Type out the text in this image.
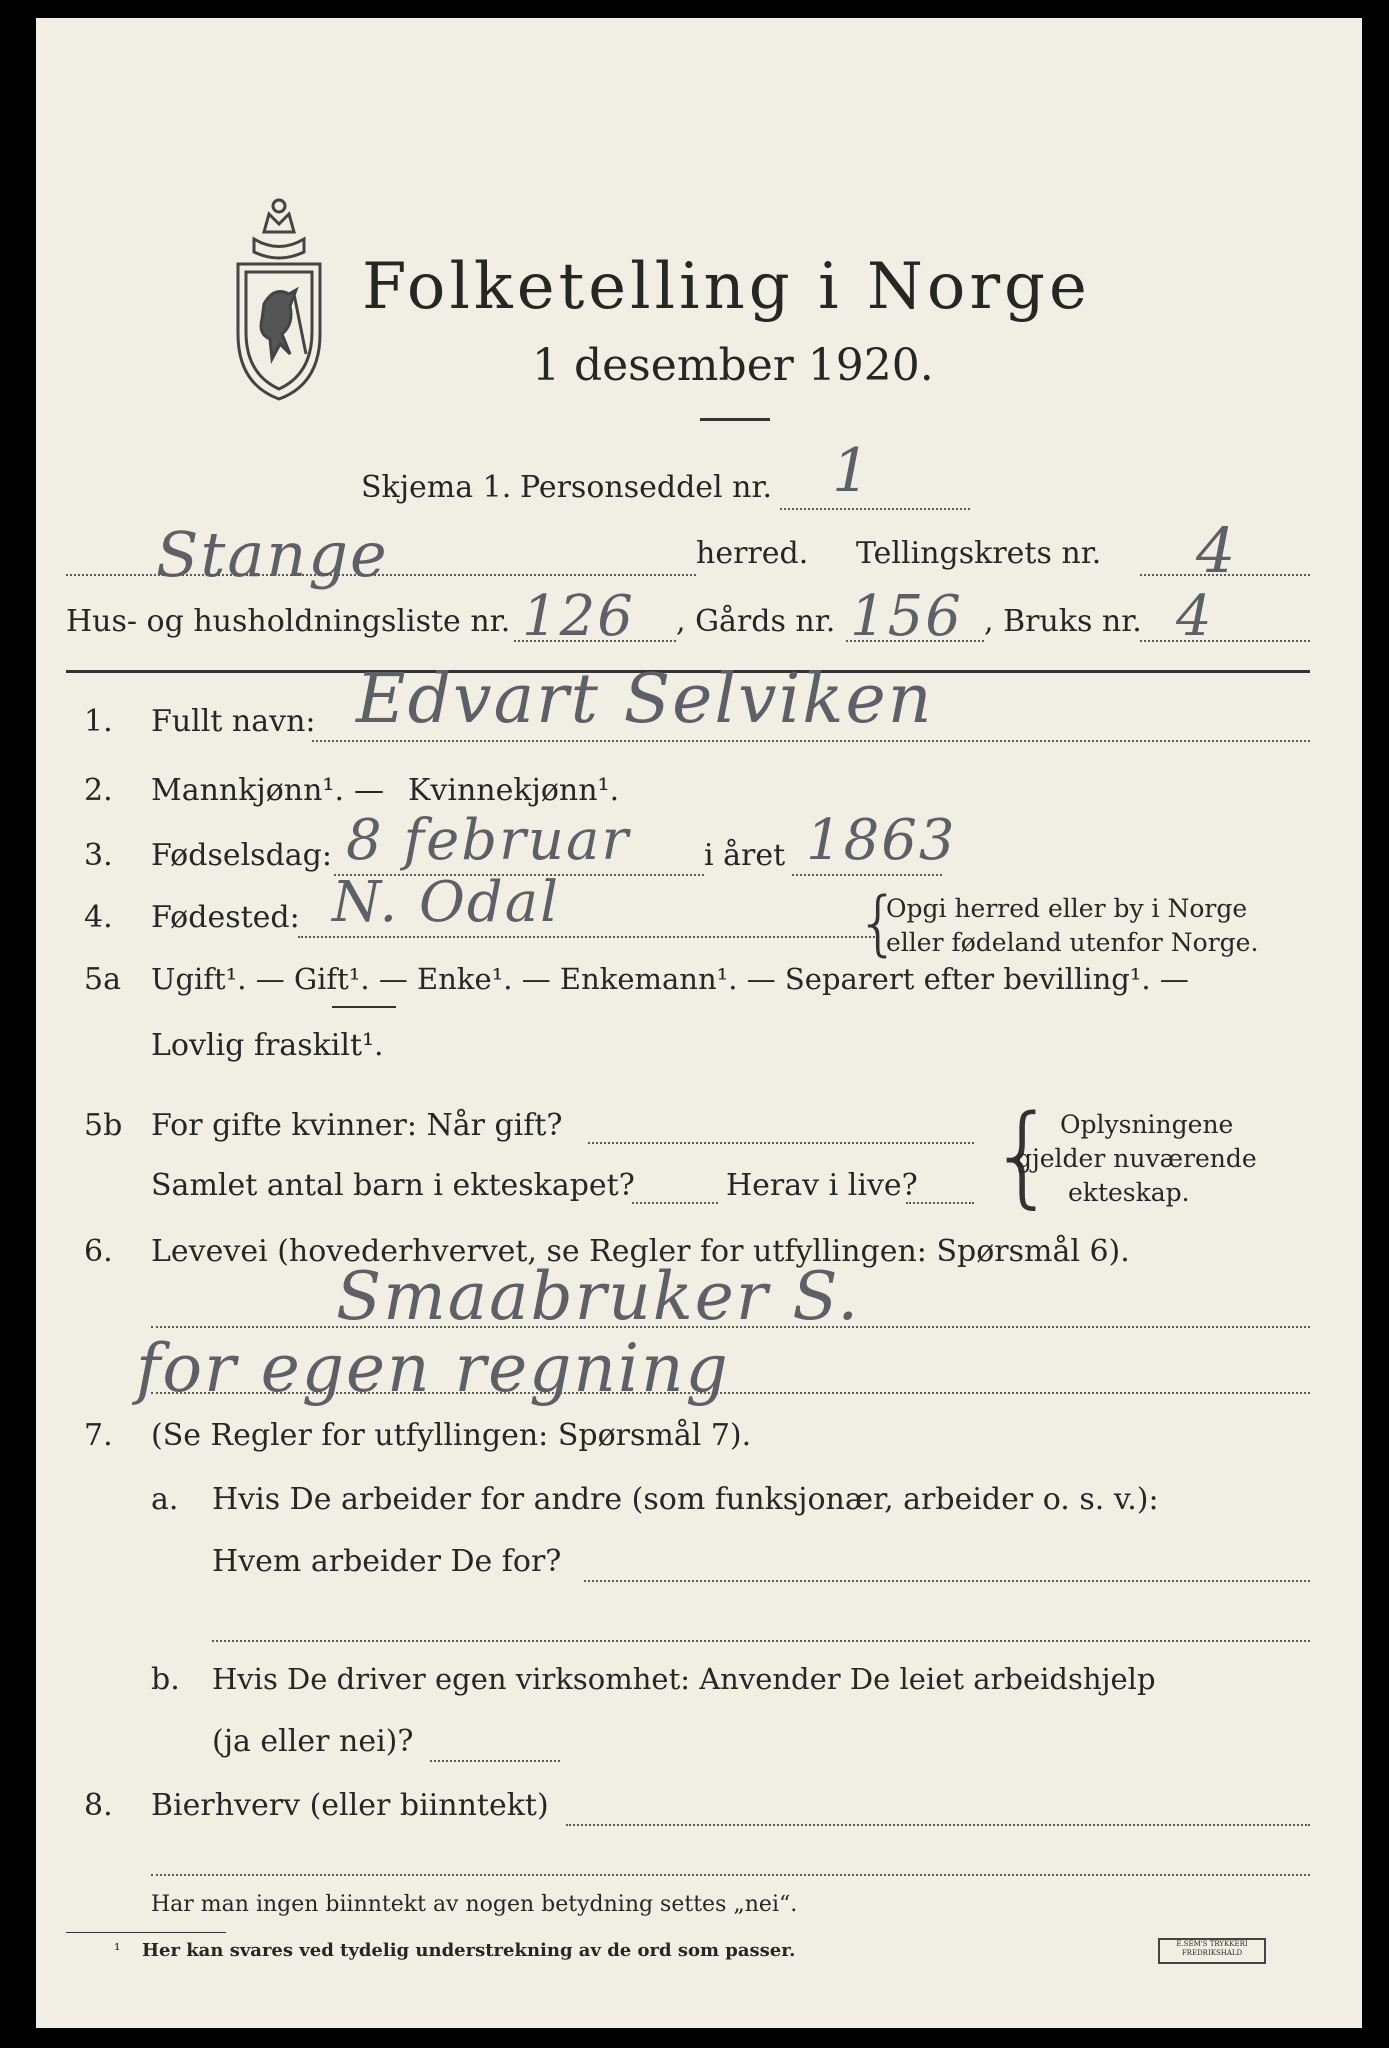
Folketelling i Norge
1 desember 1920.
Skjema 1. Personseddel nr. 1
Stange	herred. Tellingskrets nr. 4
Hus- og husholdningsliste nr. 126 , Gårds nr. 156 , Bruks nr. 4
1. Fullt navn: Edvart Selviken
2. Mannkjønn¹. — Kvinnekjønn¹.
3. Fødselsdag: 8 februar i året 1863
4. Fødested: N. Odal	{
Opgi herred eller by i Norge
eller fødeland utenfor Norge.
5a Ugift¹. — Gift¹. — Enke¹. — Enkemann¹. — Separert efter bevilling¹. —
Lovlig fraskilt¹.
5b For gifte kvinner: Når gift?
Samlet antal barn i ekteskapet?	Herav i live? { Oplysningene
gjelder nuværende
ekteskap.
6. Levevei (hovederhvervet, se Regler for utfyllingen: Spørsmål 6).
Smaabruker S.
for egen regning
7. (Se Regler for utfyllingen: Spørsmål 7).
a. Hvis De arbeider for andre (som funksjonær, arbeider o. s. v.):
Hvem arbeider De for?
b. Hvis De driver egen virksomhet: Anvender De leiet arbeidshjelp
(ja eller nei)?
8. Bierhverv (eller biinntekt)
Har man ingen biinntekt av nogen betydning settes „nei“.
¹ Her kan svares ved tydelig understrekning av de ord som passer.	E.SEM'S TRYKKERI FREDRIKSHALD
